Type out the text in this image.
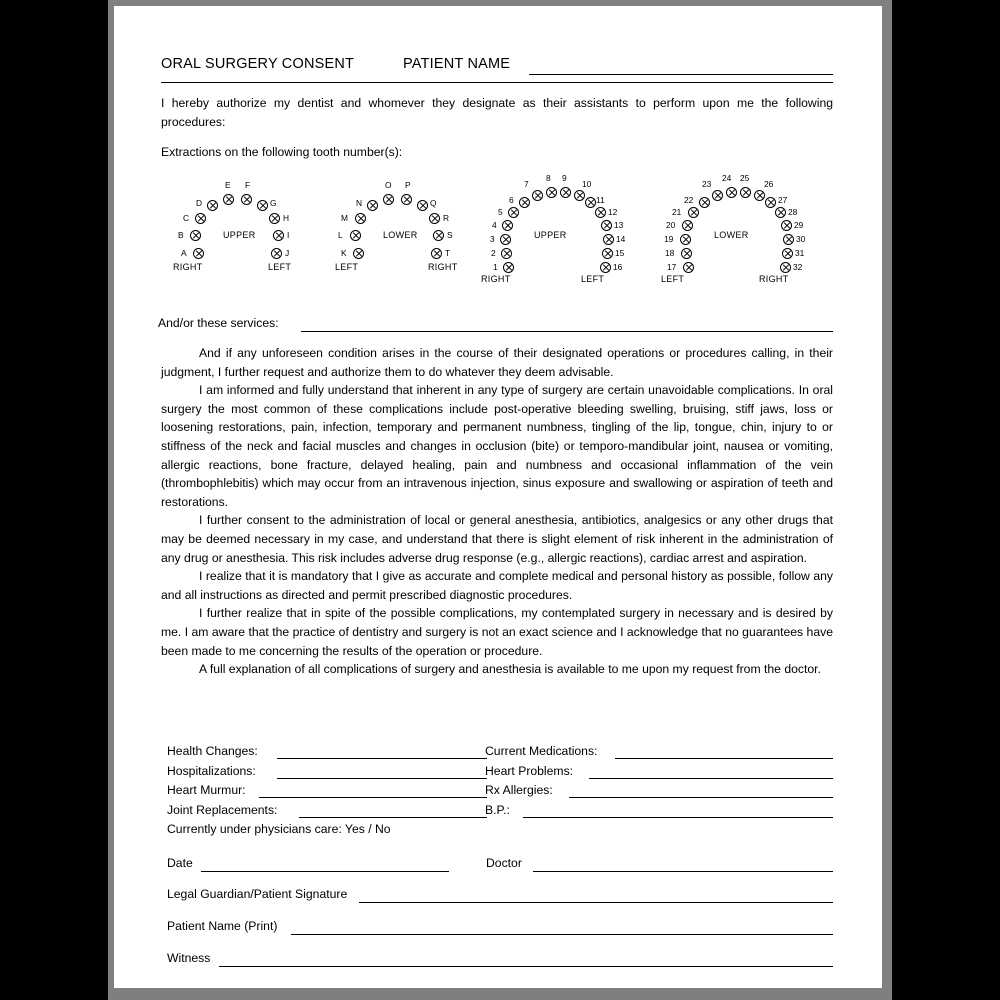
ORAL SURGERY CONSENT	PATIENT NAME
I hereby authorize my dentist and whomever they designate as their assistants to perform upon me the following procedures:
Extractions on the following tooth number(s):
UPPER
RIGHT	LEFT
A
B
C
D
E F
G
H
I
J
LOWER
LEFT	RIGHT
K
L
M
N
O P
Q
R
S
T
UPPER
RIGHT	LEFT
1
2
3
4
5
6
7
8 9
10
11
12
13
14
15
16
LOWER
LEFT	RIGHT
17
18
19
20
21
22
23
24 25
26
27
28
29
30
31
32
And/or these services:
And if any unforeseen condition arises in the course of their designated operations or procedures calling, in their judgment, I further request and authorize them to do whatever they deem advisable.
I am informed and fully understand that inherent in any type of surgery are certain unavoidable complications. In oral surgery the most common of these complications include post-operative bleeding swelling, bruising, stiff jaws, loss or loosening restorations, pain, infection, temporary and permanent numbness, tingling of the lip, tongue, chin, injury to or stiffness of the neck and facial muscles and changes in occlusion (bite) or temporo-mandibular joint, nausea or vomiting, allergic reactions, bone fracture, delayed healing, pain and numbness and occasional inflammation of the vein (thrombophlebitis) which may occur from an intravenous injection, sinus exposure and swallowing or aspiration of teeth and restorations.
I further consent to the administration of local or general anesthesia, antibiotics, analgesics or any other drugs that may be deemed necessary in my case, and understand that there is slight element of risk inherent in the administration of any drug or anesthesia. This risk includes adverse drug response (e.g., allergic reactions), cardiac arrest and aspiration.
I realize that it is mandatory that I give as accurate and complete medical and personal history as possible, follow any and all instructions as directed and permit prescribed diagnostic procedures.
I further realize that in spite of the possible complications, my contemplated surgery in necessary and is desired by me. I am aware that the practice of dentistry and surgery is not an exact science and I acknowledge that no guarantees have been made to me concerning the results of the operation or procedure.
A full explanation of all complications of surgery and anesthesia is available to me upon my request from the doctor.
Health Changes:	Current Medications:
Hospitalizations:	Heart Problems:
Heart Murmur:	Rx Allergies:
Joint Replacements:	B.P.:
Currently under physicians care: Yes / No
Date	Doctor
Legal Guardian/Patient Signature
Patient Name (Print)
Witness
